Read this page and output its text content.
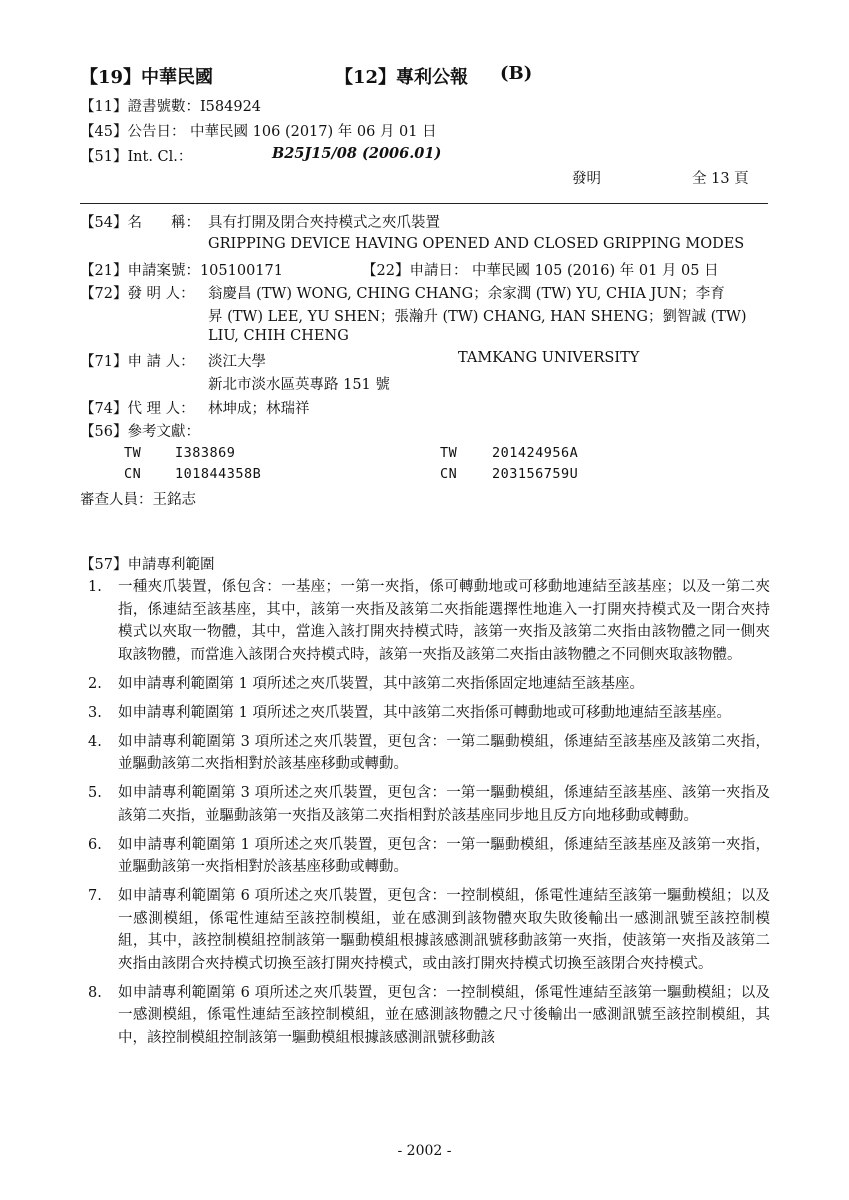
【19】中華民國	【12】專利公報 (B)
【11】證書號數：I584924
【45】公告日： 中華民國 106 (2017) 年 06 月 01 日
【51】Int. Cl.：	B25J15/08 (2006.01)
發明	全 13 頁
【54】名　　稱： 具有打開及閉合夾持模式之夾爪裝置
GRIPPING DEVICE HAVING OPENED AND CLOSED GRIPPING MODES
【21】申請案號：105100171	【22】申請日： 中華民國 105 (2016) 年 01 月 05 日
【72】發 明 人： 翁慶昌 (TW) WONG, CHING CHANG；余家潤 (TW) YU, CHIA JUN；李育
昇 (TW) LEE, YU SHEN；張瀚升 (TW) CHANG, HAN SHENG；劉智誠 (TW)
LIU, CHIH CHENG
【71】申 請 人： 淡江大學	TAMKANG UNIVERSITY
新北市淡水區英專路 151 號
【74】代 理 人： 林坤成；林瑞祥
【56】參考文獻：
TW I383869	TW	201424956A
CN 101844358B	CN	203156759U
審查人員：王銘志
【57】申請專利範圍
1. 一種夾爪裝置，係包含：一基座；一第一夾指，係可轉動地或可移動地連結至該基座；以及一第二夾指，係連結至該基座，其中，該第一夾指及該第二夾指能選擇性地進入一打開夾持模式及一閉合夾持模式以夾取一物體，其中，當進入該打開夾持模式時，該第一夾指及該第二夾指由該物體之同一側夾取該物體，而當進入該閉合夾持模式時，該第一夾指及該第二夾指由該物體之不同側夾取該物體。
2. 如申請專利範圍第 1 項所述之夾爪裝置，其中該第二夾指係固定地連結至該基座。
3. 如申請專利範圍第 1 項所述之夾爪裝置，其中該第二夾指係可轉動地或可移動地連結至該基座。
4. 如申請專利範圍第 3 項所述之夾爪裝置，更包含：一第二驅動模組，係連結至該基座及該第二夾指，並驅動該第二夾指相對於該基座移動或轉動。
5. 如申請專利範圍第 3 項所述之夾爪裝置，更包含：一第一驅動模組，係連結至該基座、該第一夾指及該第二夾指，並驅動該第一夾指及該第二夾指相對於該基座同步地且反方向地移動或轉動。
6. 如申請專利範圍第 1 項所述之夾爪裝置，更包含：一第一驅動模組，係連結至該基座及該第一夾指，並驅動該第一夾指相對於該基座移動或轉動。
7. 如申請專利範圍第 6 項所述之夾爪裝置，更包含：一控制模組，係電性連結至該第一驅動模組；以及一感測模組，係電性連結至該控制模組，並在感測到該物體夾取失敗後輸出一感測訊號至該控制模組，其中，該控制模組控制該第一驅動模組根據該感測訊號移動該第一夾指，使該第一夾指及該第二夾指由該閉合夾持模式切換至該打開夾持模式，或由該打開夾持模式切換至該閉合夾持模式。
8. 如申請專利範圍第 6 項所述之夾爪裝置，更包含：一控制模組，係電性連結至該第一驅動模組；以及一感測模組，係電性連結至該控制模組，並在感測該物體之尺寸後輸出一感測訊號至該控制模組，其中，該控制模組控制該第一驅動模組根據該感測訊號移動該
- 2002 -
